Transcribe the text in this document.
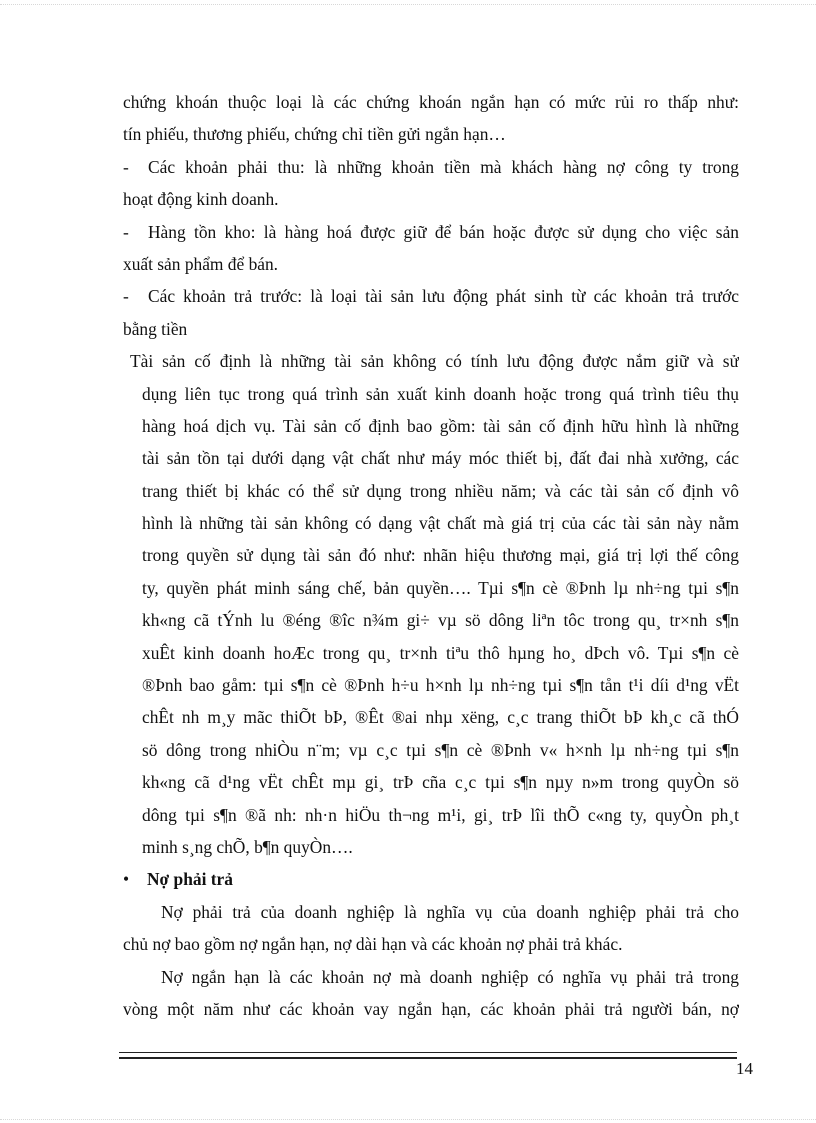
chứng khoán thuộc loại là các chứng khoán ngắn hạn có mức rủi ro thấp như:
tín phiếu, thương phiếu, chứng chỉ tiền gửi ngắn hạn…
- Các khoản phải thu: là những khoản tiền mà khách hàng nợ công ty trong
hoạt động kinh doanh.
- Hàng tồn kho: là hàng hoá được giữ để bán hoặc được sử dụng cho việc sản
xuất sản phẩm để bán.
- Các khoản trả trước: là loại tài sản lưu động phát sinh từ các khoản trả trước
bằng tiền
Tài sản cố định là những tài sản không có tính lưu động được nắm giữ và sử
dụng liên tục trong quá trình sản xuất kinh doanh hoặc trong quá trình tiêu thụ
hàng hoá dịch vụ. Tài sản cố định bao gồm: tài sản cố định hữu hình là những
tài sản tồn tại dưới dạng vật chất như máy móc thiết bị, đất đai nhà xưởng, các
trang thiết bị khác có thể sử dụng trong nhiều năm; và các tài sản cố định vô
hình là những tài sản không có dạng vật chất mà giá trị của các tài sản này nằm
trong quyền sử dụng tài sản đó như: nhãn hiệu thương mại, giá trị lợi thế công
ty, quyền phát minh sáng chế, bản quyền…. Tµi s¶n cè ®Þnh lµ nh÷ng tµi s¶n
kh«ng cã tÝnh lu ®éng ®îc n¾m gi÷ vµ sö dông liªn tôc trong qu¸ tr×nh s¶n
xuÊt kinh doanh hoÆc trong qu¸ tr×nh tiªu thô hµng ho¸ dÞch vô. Tµi s¶n cè
®Þnh bao gåm: tµi s¶n cè ®Þnh h÷u h×nh lµ nh÷ng tµi s¶n tån t¹i díi d¹ng vËt
chÊt nh m¸y mãc thiÕt bÞ, ®Êt ®ai nhµ xëng, c¸c trang thiÕt bÞ kh¸c cã thÓ
sö dông trong nhiÒu n¨m; vµ c¸c tµi s¶n cè ®Þnh v« h×nh lµ nh÷ng tµi s¶n
kh«ng cã d¹ng vËt chÊt mµ gi¸ trÞ cña c¸c tµi s¶n nµy n»m trong quyÒn sö
dông tµi s¶n ®ã nh: nh·n hiÖu th¬ng m¹i, gi¸ trÞ lîi thÕ c«ng ty, quyÒn ph¸t
minh s¸ng chÕ, b¶n quyÒn….
• Nợ phải trả
Nợ phải trả của doanh nghiệp là nghĩa vụ của doanh nghiệp phải trả cho
chủ nợ bao gồm nợ ngắn hạn, nợ dài hạn và các khoản nợ phải trả khác.
Nợ ngắn hạn là các khoản nợ mà doanh nghiệp có nghĩa vụ phải trả trong
vòng một năm như các khoản vay ngắn hạn, các khoản phải trả người bán, nợ
14
